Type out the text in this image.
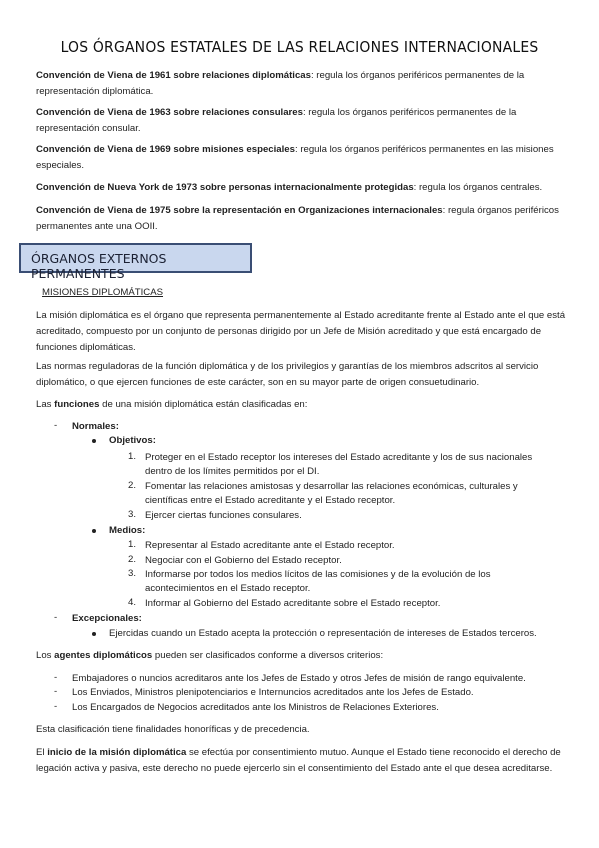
LOS ÓRGANOS ESTATALES DE LAS RELACIONES INTERNACIONALES
Convención de Viena de 1961 sobre relaciones diplomáticas: regula los órganos periféricos permanentes de la representación diplomática.
Convención de Viena de 1963 sobre relaciones consulares: regula los órganos periféricos permanentes de la representación consular.
Convención de Viena de 1969 sobre misiones especiales: regula los órganos periféricos permanentes en las misiones especiales.
Convención de Nueva York de 1973 sobre personas internacionalmente protegidas: regula los órganos centrales.
Convención de Viena de 1975 sobre la representación en Organizaciones internacionales: regula órganos periféricos permanentes ante una OOII.
ÓRGANOS EXTERNOS PERMANENTES
MISIONES DIPLOMÁTICAS
La misión diplomática es el órgano que representa permanentemente al Estado acreditante frente al Estado ante el que está acreditado, compuesto por un conjunto de personas dirigido por un Jefe de Misión acreditado y que está encargado de funciones diplomáticas.
Las normas reguladoras de la función diplomática y de los privilegios y garantías de los miembros adscritos al servicio diplomático, o que ejercen funciones de este carácter, son en su mayor parte de origen consuetudinario.
Las funciones de una misión diplomática están clasificadas en:
- Normales:
Objetivos:
1. Proteger en el Estado receptor los intereses del Estado acreditante y los de sus nacionales dentro de los límites permitidos por el DI.
2. Fomentar las relaciones amistosas y desarrollar las relaciones económicas, culturales y científicas entre el Estado acreditante y el Estado receptor.
3. Ejercer ciertas funciones consulares.
Medios:
1. Representar al Estado acreditante ante el Estado receptor.
2. Negociar con el Gobierno del Estado receptor.
3. Informarse por todos los medios lícitos de las comisiones y de la evolución de los acontecimientos en el Estado receptor.
4. Informar al Gobierno del Estado acreditante sobre el Estado receptor.
- Excepcionales:
Ejercidas cuando un Estado acepta la protección o representación de intereses de Estados terceros.
Los agentes diplomáticos pueden ser clasificados conforme a diversos criterios:
- Embajadores o nuncios acreditaros ante los Jefes de Estado y otros Jefes de misión de rango equivalente.
- Los Enviados, Ministros plenipotenciarios e Internuncios acreditados ante los Jefes de Estado.
- Los Encargados de Negocios acreditados ante los Ministros de Relaciones Exteriores.
Esta clasificación tiene finalidades honoríficas y de precedencia.
El inicio de la misión diplomática se efectúa por consentimiento mutuo. Aunque el Estado tiene reconocido el derecho de legación activa y pasiva, este derecho no puede ejercerlo sin el consentimiento del Estado ante el que desea acreditarse.
